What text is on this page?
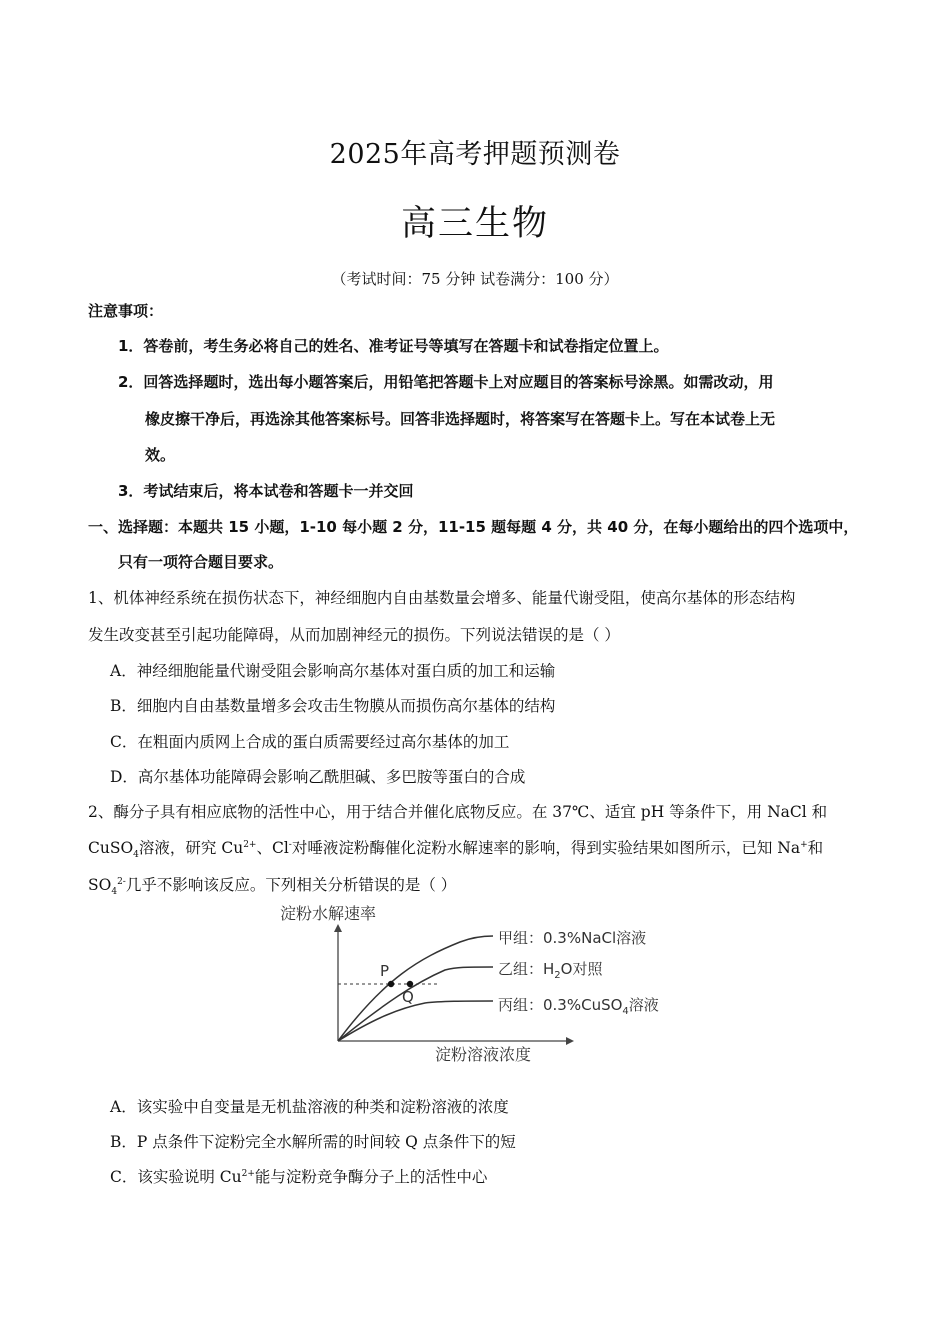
2025年高考押题预测卷
高三生物
（考试时间：75 分钟 试卷满分：100 分）
注意事项：
1．答卷前，考生务必将自己的姓名、准考证号等填写在答题卡和试卷指定位置上。
2．回答选择题时，选出每小题答案后，用铅笔把答题卡上对应题目的答案标号涂黑。如需改动，用
橡皮擦干净后，再选涂其他答案标号。回答非选择题时，将答案写在答题卡上。写在本试卷上无
效。
3．考试结束后，将本试卷和答题卡一并交回
一、选择题：本题共 15 小题，1-10 每小题 2 分，11-15 题每题 4 分，共 40 分，在每小题给出的四个选项中，
只有一项符合题目要求。
1、机体神经系统在损伤状态下，神经细胞内自由基数量会增多、能量代谢受阻，使高尔基体的形态结构
发生改变甚至引起功能障碍，从而加剧神经元的损伤。下列说法错误的是（ ）
A．神经细胞能量代谢受阻会影响高尔基体对蛋白质的加工和运输
B．细胞内自由基数量增多会攻击生物膜从而损伤高尔基体的结构
C．在粗面内质网上合成的蛋白质需要经过高尔基体的加工
D．高尔基体功能障碍会影响乙酰胆碱、多巴胺等蛋白的合成
2、酶分子具有相应底物的活性中心，用于结合并催化底物反应。在 37℃、适宜 pH 等条件下，用 NaCl 和
CuSO$_4$溶液，研究 $Cu^{2+}$、Cl-对唾液淀粉酶催化淀粉水解速率的影响，得到实验结果如图所示，已知 Na+和
$SO_4^{2-}$几乎不影响该反应。下列相关分析错误的是（ ）
淀粉水解速率
淀粉溶液浓度
P
Q
甲组：0.3%NaCl溶液
乙组：$H_2O$对照
丙组：0.3%CuSO$_4$溶液
A．该实验中自变量是无机盐溶液的种类和淀粉溶液的浓度
B．P 点条件下淀粉完全水解所需的时间较 Q 点条件下的短
C．该实验说明 $Cu^{2+}$能与淀粉竞争酶分子上的活性中心
